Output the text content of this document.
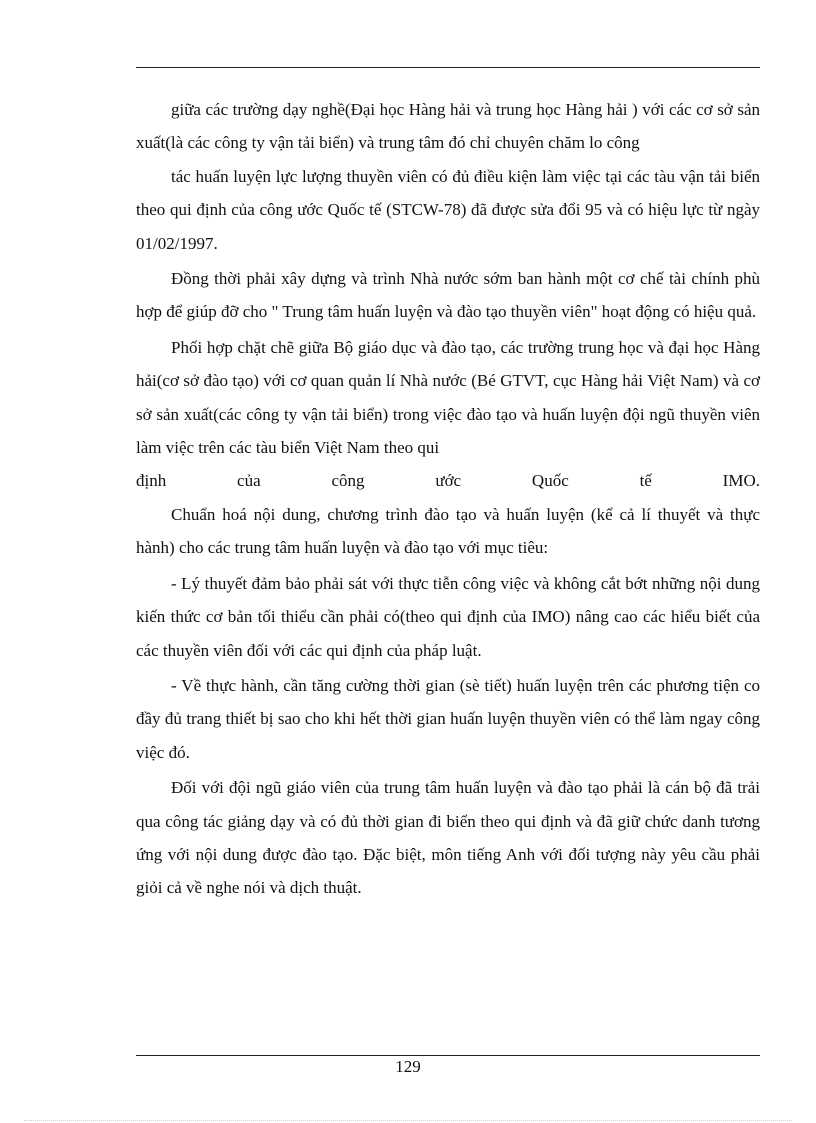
giữa các trường dạy nghề(Đại học Hàng hải và trung học Hàng hải ) với các cơ sở sản xuất(là các công ty vận tải biển) và trung tâm đó chỉ chuyên chăm lo công

tác huấn luyện lực lượng thuyền viên có đủ điều kiện làm việc tại các tàu vận tải biển theo qui định của công ước Quốc tế (STCW-78) đã được sửa đổi 95 và có hiệu lực từ ngày 01/02/1997.

Đồng thời phải xây dựng và trình Nhà nước sớm ban hành một cơ chế tài chính phù hợp để giúp đỡ cho " Trung tâm huấn luyện và đào tạo thuyền viên" hoạt động có hiệu quả.

Phối hợp chặt chẽ giữa Bộ giáo dục và đào tạo, các trường trung học và đại học Hàng hải(cơ sở đào tạo) với cơ quan quản lí Nhà nước (Bé GTVT, cục Hàng hải Việt Nam) và cơ sở sản xuất(các công ty vận tải biển) trong việc đào tạo và huấn luyện đội ngũ thuyền viên làm việc trên các tàu biển Việt Nam theo qui

định của công ước Quốc tế IMO.

Chuẩn hoá nội dung, chương trình đào tạo và huấn luyện (kể cả lí thuyết và thực hành) cho các trung tâm huấn luyện và đào tạo với mục tiêu:

- Lý thuyết đảm bảo phải sát với thực tiễn công việc và không cắt bớt những nội dung kiến thức cơ bản tối thiểu cần phải có(theo qui định của IMO) nâng cao các hiểu biết của các thuyền viên đối với các qui định của pháp luật.

- Về thực hành, cần tăng cường thời gian (sè tiết) huấn luyện trên các phương tiện co đầy đủ trang thiết bị sao cho khi hết thời gian huấn luyện thuyền viên có thể làm ngay công việc đó.

Đối với đội ngũ giáo viên của trung tâm huấn luyện và đào tạo phải là cán bộ đã trải qua công tác giảng dạy và có đủ thời gian đi biển theo qui định và đã giữ chức danh tương ứng với nội dung được đào tạo. Đặc biệt, môn tiếng Anh với đối tượng này yêu cầu phải giỏi cả về nghe nói và dịch thuật.

129
